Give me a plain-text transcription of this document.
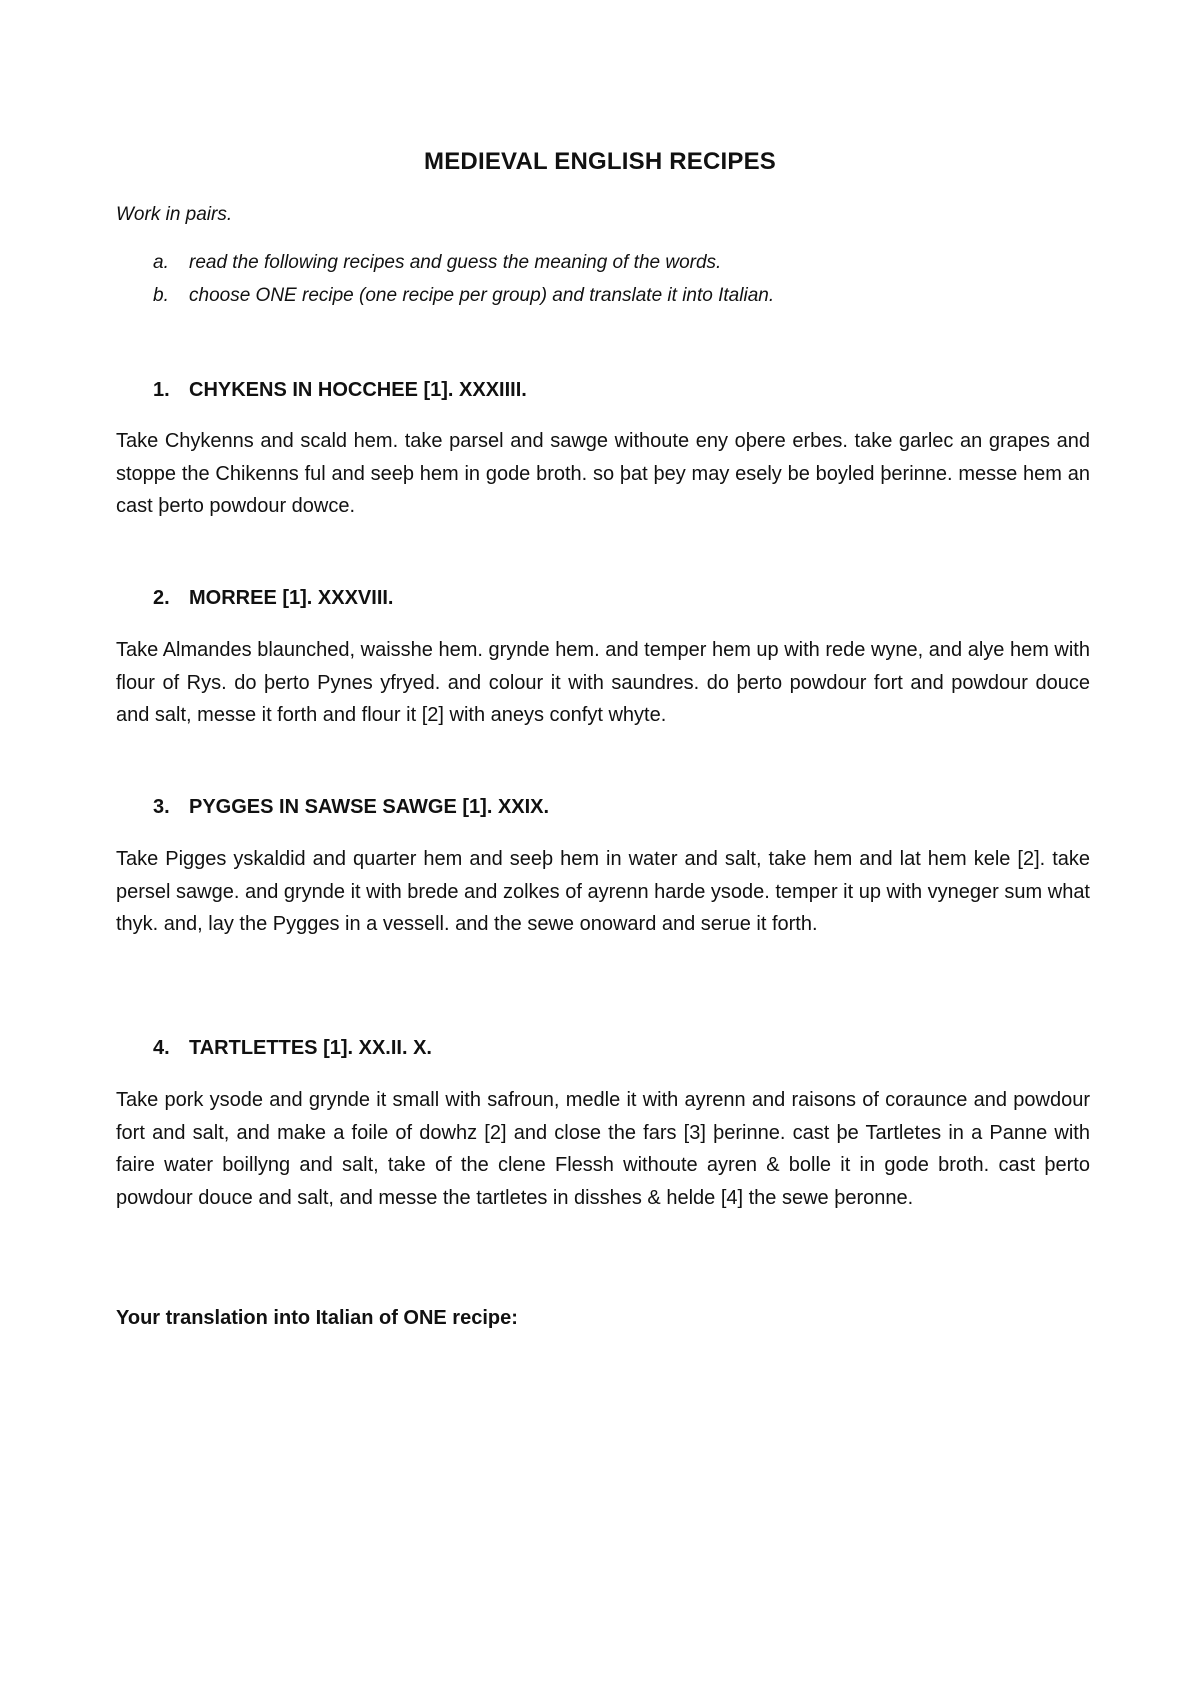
MEDIEVAL ENGLISH RECIPES
Work in pairs.
a. read the following recipes and guess the meaning of the words.
b. choose ONE recipe (one recipe per group) and translate it into Italian.
1. CHYKENS IN HOCCHEE [1]. XXXIIII.
Take Chykenns and scald hem. take parsel and sawge withoute eny oþere erbes. take garlec an grapes and stoppe the Chikenns ful and seeþ hem in gode broth. so þat þey may esely be boyled þerinne. messe hem an cast þerto powdour dowce.
2. MORREE [1]. XXXVIII.
Take Almandes blaunched, waisshe hem. grynde hem. and temper hem up with rede wyne, and alye hem with flour of Rys. do þerto Pynes yfryed. and colour it with saundres. do þerto powdour fort and powdour douce and salt, messe it forth and flour it [2] with aneys confyt whyte.
3. PYGGES IN SAWSE SAWGE [1]. XXIX.
Take Pigges yskaldid and quarter hem and seeþ hem in water and salt, take hem and lat hem kele [2]. take persel sawge. and grynde it with brede and zolkes of ayrenn harde ysode. temper it up with vyneger sum what thyk. and, lay the Pygges in a vessell. and the sewe onoward and serue it forth.
4. TARTLETTES [1]. XX.II. X.
Take pork ysode and grynde it small with safroun, medle it with ayrenn and raisons of coraunce and powdour fort and salt, and make a foile of dowhz [2] and close the fars [3] þerinne. cast þe Tartletes in a Panne with faire water boillyng and salt, take of the clene Flessh withoute ayren & bolle it in gode broth. cast þerto powdour douce and salt, and messe the tartletes in disshes & helde [4] the sewe þeronne.
Your translation into Italian of ONE recipe:
